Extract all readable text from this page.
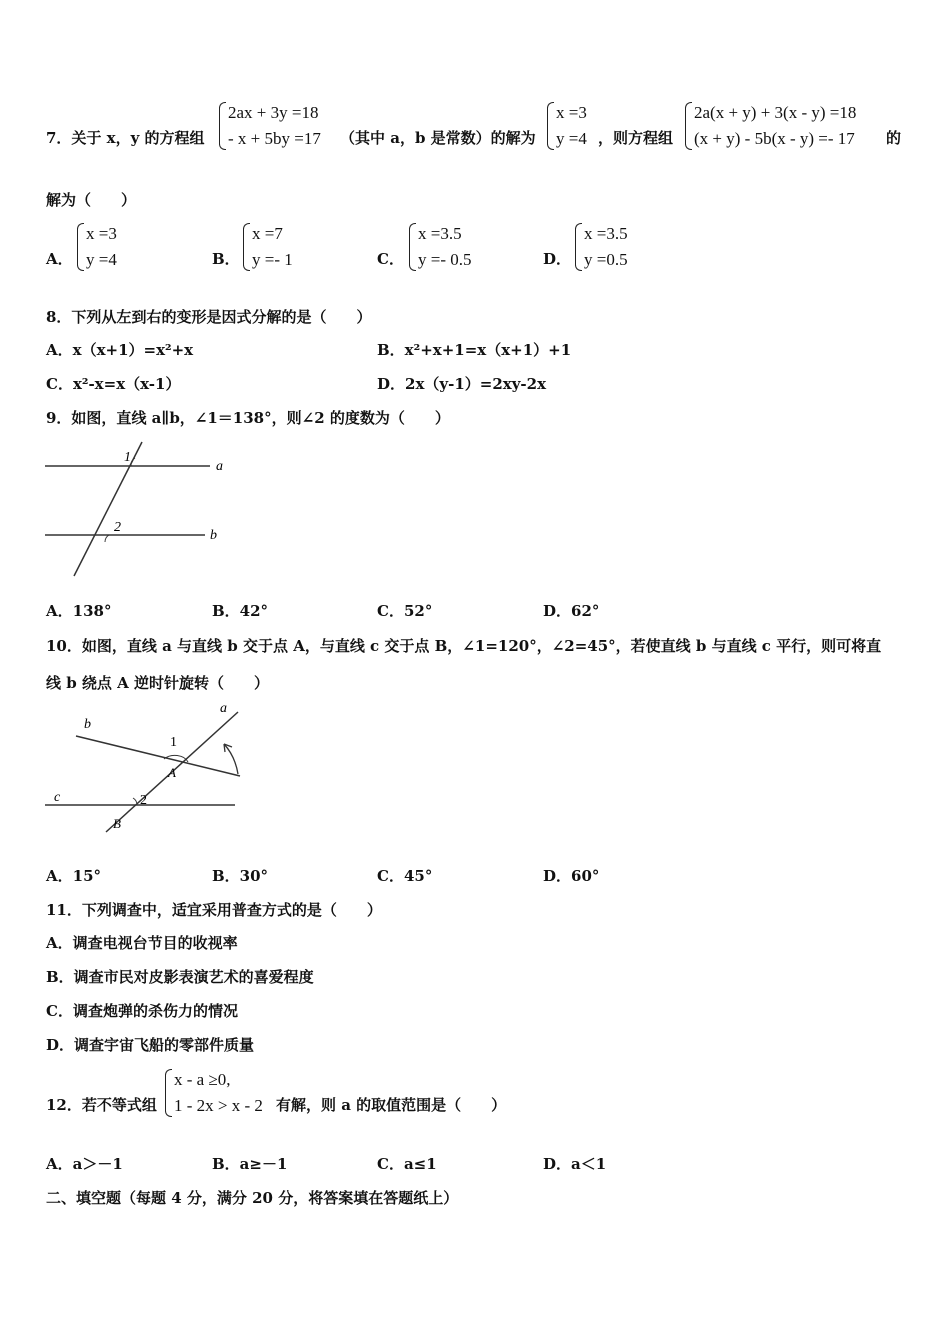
7．关于 x，y 的方程组
2ax + 3y =18
- x + 5by =17 （其中 a，b 是常数）的解为
x =3
y =4 ，则方程组
2a(x + y) + 3(x - y) =18
(x + y) - 5b(x - y) =- 17 的
解为（　　）
A．
x =3
y =4	B．
x =7
y =- 1	C．
x =3.5
y =- 0.5	D．
x =3.5
y =0.5
8．下列从左到右的变形是因式分解的是（　　）
A．x（x+1）=x²+x	B．x²+x+1=x（x+1）+1
C．x²-x=x（x-1）	D．2x（y-1）=2xy-2x
9．如图，直线 a∥b，∠1＝138°，则∠2 的度数为（　　）
1
2
a
b
A．138°	B．42°	C．52°	D．62°
10．如图，直线 a 与直线 b 交于点 A，与直线 c 交于点 B，∠1=120°，∠2=45°，若使直线 b 与直线 c 平行，则可将直
线 b 绕点 A 逆时针旋转（　　）
a
b
c
A
B
1
2
A．15°	B．30°	C．45°	D．60°
11．下列调查中，适宜采用普查方式的是（　　）
A．调查电视台节目的收视率
B．调查市民对皮影表演艺术的喜爱程度
C．调查炮弹的杀伤力的情况
D．调查宇宙飞船的零部件质量
12．若不等式组
x - a ≥0,
1 - 2x > x - 2 有解，则 a 的取值范围是（　　）
A．a＞－1	B．a≥－1	C．a≤1	D．a＜1
二、填空题（每题 4 分，满分 20 分，将答案填在答题纸上）
